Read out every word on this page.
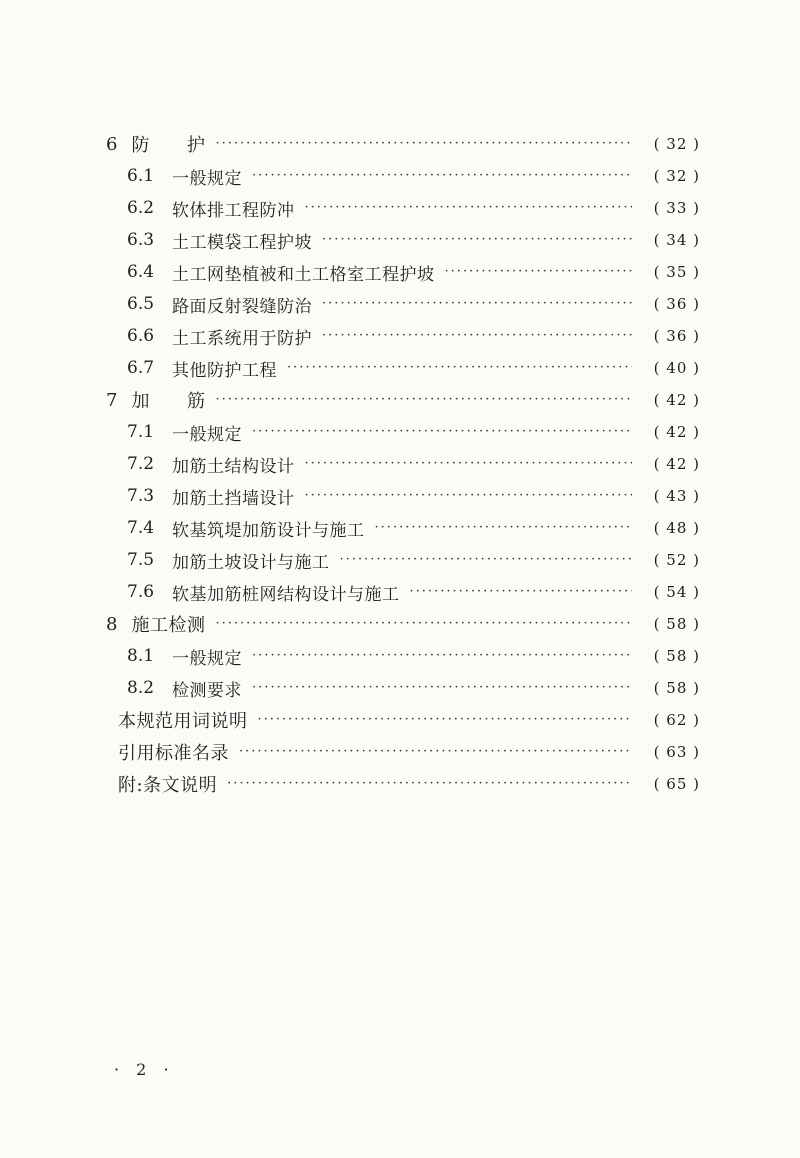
6 防　　护 ·····	( 32 )
6.1 一般规定 ·····	( 32 )
6.2 软体排工程防冲 ·····	( 33 )
6.3 土工模袋工程护坡 ·····	( 34 )
6.4 土工网垫植被和土工格室工程护坡 ·····	( 35 )
6.5 路面反射裂缝防治 ·····	( 36 )
6.6 土工系统用于防护 ·····	( 36 )
6.7 其他防护工程 ·····	( 40 )
7 加　　筋 ·····	( 42 )
7.1 一般规定 ·····	( 42 )
7.2 加筋土结构设计 ·····	( 42 )
7.3 加筋土挡墙设计 ·····	( 43 )
7.4 软基筑堤加筋设计与施工 ·····	( 48 )
7.5 加筋土坡设计与施工 ·····	( 52 )
7.6 软基加筋桩网结构设计与施工 ·····	( 54 )
8 施工检测 ·····	( 58 )
8.1 一般规定 ·····	( 58 )
8.2 检测要求 ·····	( 58 )
本规范用词说明 ·····	( 62 )
引用标准名录 ·····	( 63 )
附:条文说明 ·····	( 65 )
· 2 ·
